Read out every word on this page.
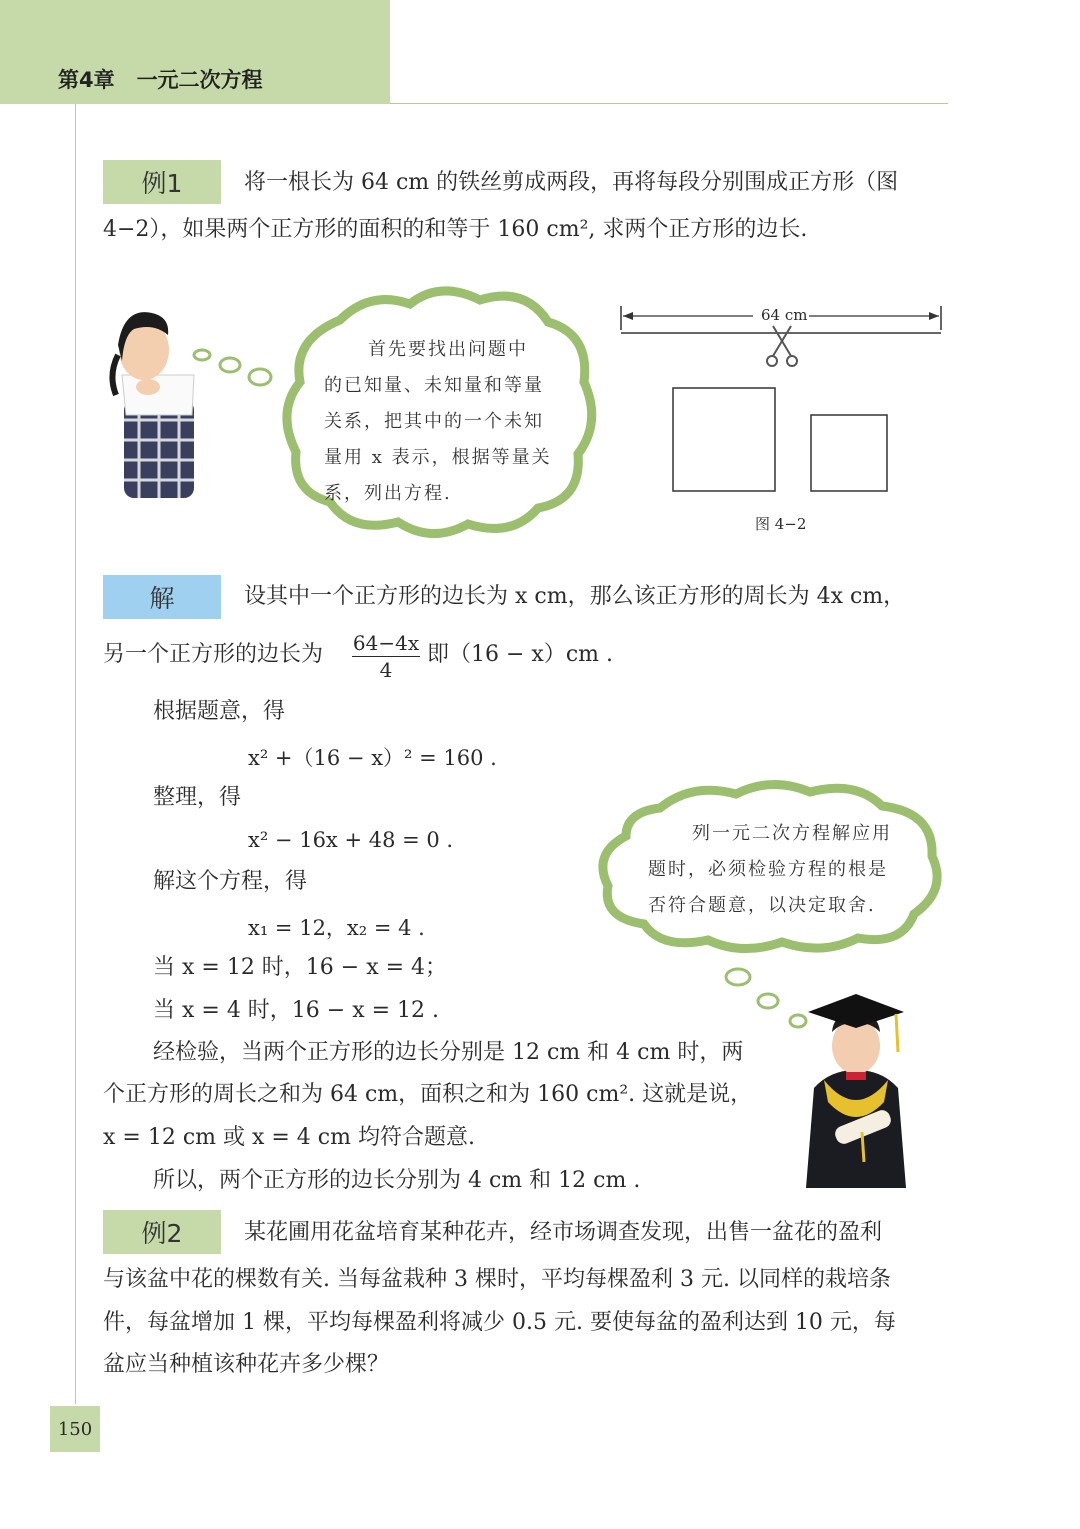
第4章 一元二次方程
例1	将一根长为 64 cm 的铁丝剪成两段，再将每段分别围成正方形（图
4−2），如果两个正方形的面积的和等于 160 cm², 求两个正方形的边长.
首先要找出问题中
的已知量、未知量和等量
关系，把其中的一个未知
量用 x 表示，根据等量关
系，列出方程.
64 cm
图 4−2
解	设其中一个正方形的边长为 x cm，那么该正方形的周长为 4x cm，
另一个正方形的边长为 $\frac{64-4x}{4}$ 即（16 − x）cm .
根据题意，得
x² +（16 − x）² = 160 .
整理，得
x² − 16x + 48 = 0 .
解这个方程，得
x₁ = 12，x₂ = 4 .
当 x = 12 时，16 − x = 4；
当 x = 4 时，16 − x = 12 .
经检验，当两个正方形的边长分别是 12 cm 和 4 cm 时，两
个正方形的周长之和为 64 cm，面积之和为 160 cm². 这就是说，
x = 12 cm 或 x = 4 cm 均符合题意.
所以，两个正方形的边长分别为 4 cm 和 12 cm .
列一元二次方程解应用
题时，必须检验方程的根是
否符合题意，以决定取舍.
例2	某花圃用花盆培育某种花卉，经市场调查发现，出售一盆花的盈利
与该盆中花的棵数有关. 当每盆栽种 3 棵时，平均每棵盈利 3 元. 以同样的栽培条
件，每盆增加 1 棵，平均每棵盈利将减少 0.5 元. 要使每盆的盈利达到 10 元，每
盆应当种植该种花卉多少棵？
150
